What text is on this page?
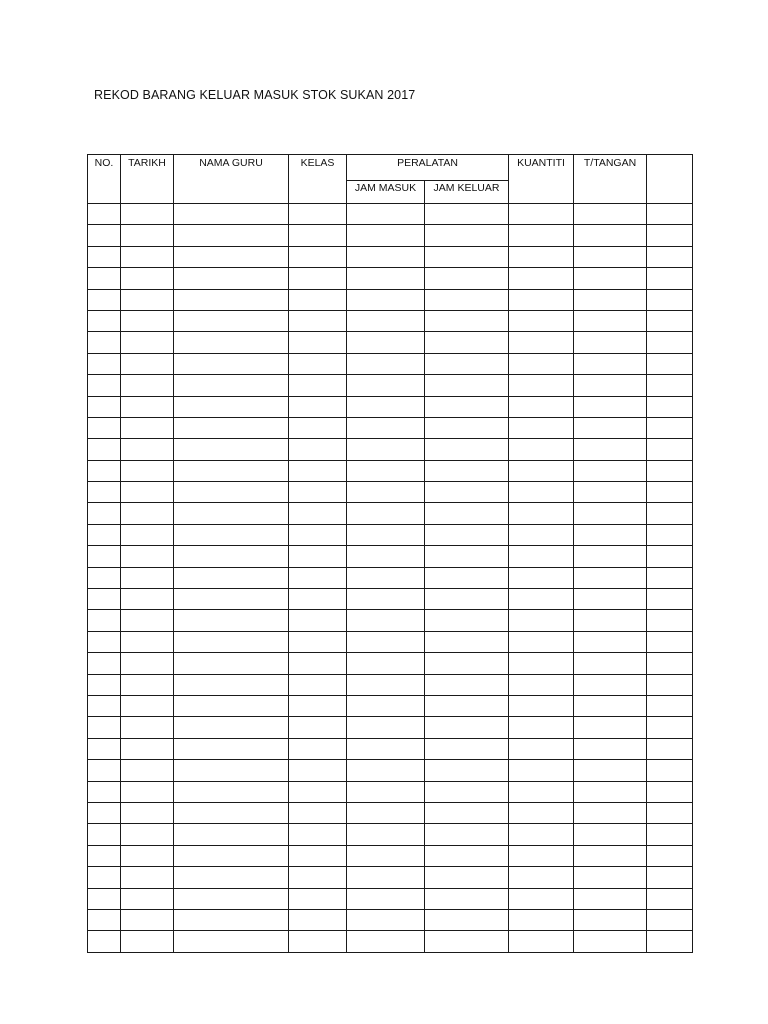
REKOD BARANG KELUAR MASUK STOK SUKAN 2017
NO.	TARIKH	NAMA GURU	KELAS	PERALATAN		KUANTITI	T/TANGAN	
				JAM MASUK	JAM KELUAR			
